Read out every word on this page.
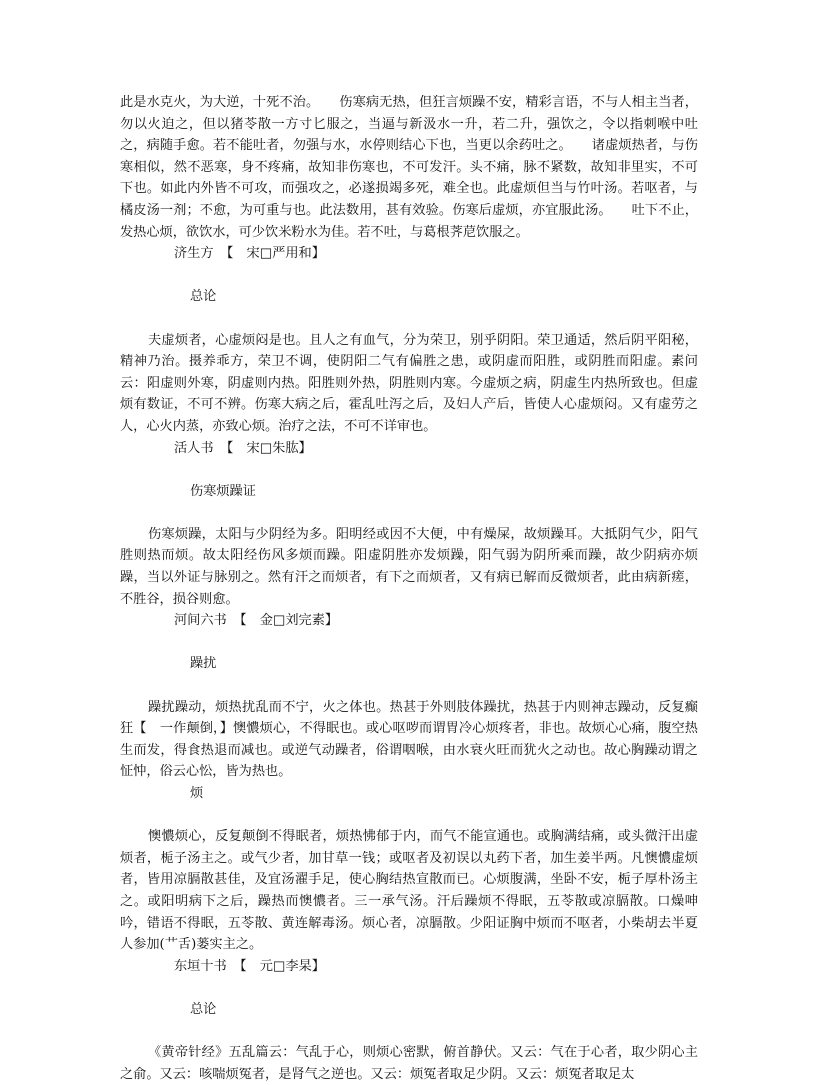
此是水克火，为大逆，十死不治。　　伤寒病无热，但狂言烦躁不安，精彩言语，不与人相主当者，勿以火迫之，但以猪苓散一方寸匕服之，当逼与新汲水一升，若二升，强饮之，令以指刺喉中吐之，病随手愈。若不能吐者，勿强与水，水停则结心下也，当更以余药吐之。　　诸虚烦热者，与伤寒相似，然不恶寒，身不疼痛，故知非伤寒也，不可发汗。头不痛，脉不紧数，故知非里实，不可下也。如此内外皆不可攻，而强攻之，必遂损竭多死，难全也。此虚烦但当与竹叶汤。若呕者，与橘皮汤一剂；不愈，为可重与也。此法数用，甚有效验。伤寒后虚烦，亦宜服此汤。　　吐下不止，发热心烦，欲饮水，可少饮米粉水为佳。若不吐，与葛根荠苨饮服之。

济生方　【　宋□严用和】

总论

夫虚烦者，心虚烦闷是也。且人之有血气，分为荣卫，别乎阴阳。荣卫通适，然后阴平阳秘，精神乃治。摄养乖方，荣卫不调，使阴阳二气有偏胜之患，或阴虚而阳胜，或阴胜而阳虚。素问云：阳虚则外寒，阴虚则内热。阳胜则外热，阴胜则内寒。今虚烦之病，阴虚生内热所致也。但虚烦有数证，不可不辨。伤寒大病之后，霍乱吐泻之后，及妇人产后，皆使人心虚烦闷。又有虚劳之人，心火内蒸，亦致心烦。治疗之法，不可不详审也。

活人书　【　宋□朱肱】

伤寒烦躁证

伤寒烦躁，太阳与少阴经为多。阳明经或因不大便，中有燥屎，故烦躁耳。大抵阴气少，阳气胜则热而烦。故太阳经伤风多烦而躁。阳虚阴胜亦发烦躁，阳气弱为阴所乘而躁，故少阴病亦烦躁，当以外证与脉别之。然有汗之而烦者，有下之而烦者，又有病已解而反微烦者，此由病新瘥，不胜谷，损谷则愈。

河间六书　【　金□刘完素】

躁扰

躁扰躁动，烦热扰乱而不宁，火之体也。热甚于外则肢体躁扰，热甚于内则神志躁动，反复癫狂【　一作颠倒，】懊憹烦心，不得眠也。或心呕哕而谓胃冷心烦疼者，非也。故烦心心痛，腹空热生而发，得食热退而减也。或逆气动躁者，俗谓咽喉，由水衰火旺而犹火之动也。故心胸躁动谓之怔忡，俗云心忪，皆为热也。

烦

懊憹烦心，反复颠倒不得眠者，烦热怫郁于内，而气不能宣通也。或胸满结痛，或头微汗出虚烦者，栀子汤主之。或气少者，加甘草一钱；或呕者及初误以丸药下者，加生姜半两。凡懊憹虚烦者，皆用凉膈散甚佳，及宜汤濯手足，使心胸结热宣散而已。心烦腹满，坐卧不安，栀子厚朴汤主之。或阳明病下之后，躁热而懊憹者。三一承气汤。汗后躁烦不得眠，五苓散或凉膈散。口燥呻吟，错语不得眠，五苓散、黄连解毒汤。烦心者，凉膈散。少阳证胸中烦而不呕者，小柴胡去半夏人参加(艹舌)蒌实主之。

东垣十书　【　元□李杲】

总论

《黄帝针经》五乱篇云：气乱于心，则烦心密默，俯首静伏。又云：气在于心者，取少阴心主之俞。又云：咳喘烦冤者，是肾气之逆也。又云：烦冤者取足少阴。又云：烦冤者取足太
